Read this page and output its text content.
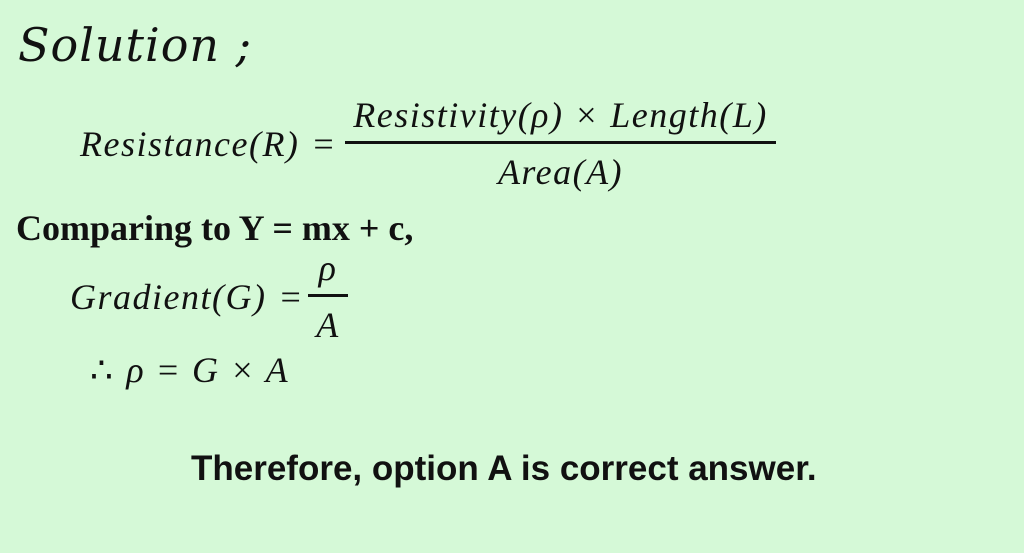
Solution ;
Resistance(R) = $\frac{\text{Resistivity(ρ) × Length(L)}}{\text{Area(A)}}$
Comparing to Y = mx + c,
Gradient(G) = $\frac{\rho}{A}$
∴ ρ = G × A
Therefore, option A is correct answer.
